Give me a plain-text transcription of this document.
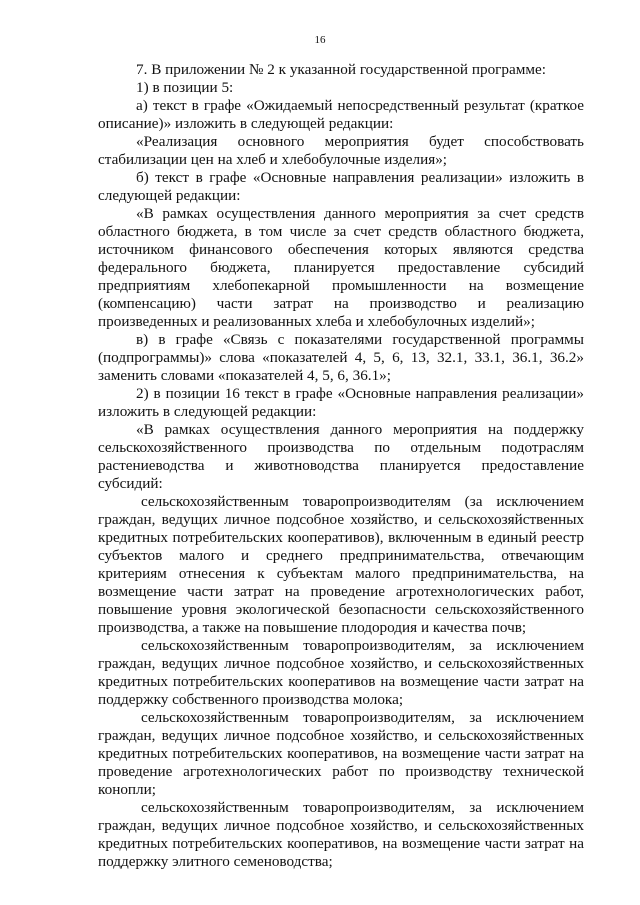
16

7. В приложении № 2 к указанной государственной программе:

1) в позиции 5:

а) текст в графе «Ожидаемый непосредственный результат (краткое описание)» изложить в следующей редакции:

«Реализация основного мероприятия будет способствовать стабилизации цен на хлеб и хлебобулочные изделия»;

б) текст в графе «Основные направления реализации» изложить в следующей редакции:

«В рамках осуществления данного мероприятия за счет средств областного бюджета, в том числе за счет средств областного бюджета, источником финансового обеспечения которых являются средства федерального бюджета, планируется предоставление субсидий предприятиям хлебопекарной промышленности на возмещение (компенсацию) части затрат на производство и реализацию произведенных и реализованных хлеба и хлебобулочных изделий»;

в) в графе «Связь с показателями государственной программы (подпрограммы)» слова «показателей 4, 5, 6, 13, 32.1, 33.1, 36.1, 36.2» заменить словами «показателей 4, 5, 6, 36.1»;

2) в позиции 16 текст в графе «Основные направления реализации» изложить в следующей редакции:

«В рамках осуществления данного мероприятия на поддержку сельскохозяйственного производства по отдельным подотраслям растениеводства и животноводства планируется предоставление субсидий:

сельскохозяйственным товаропроизводителям (за исключением граждан, ведущих личное подсобное хозяйство, и сельскохозяйственных кредитных потребительских кооперативов), включенным в единый реестр субъектов малого и среднего предпринимательства, отвечающим критериям отнесения к субъектам малого предпринимательства, на возмещение части затрат на проведение агротехнологических работ, повышение уровня экологической безопасности сельскохозяйственного производства, а также на повышение плодородия и качества почв;

сельскохозяйственным товаропроизводителям, за исключением граждан, ведущих личное подсобное хозяйство, и сельскохозяйственных кредитных потребительских кооперативов на возмещение части затрат на поддержку собственного производства молока;

сельскохозяйственным товаропроизводителям, за исключением граждан, ведущих личное подсобное хозяйство, и сельскохозяйственных кредитных потребительских кооперативов, на возмещение части затрат на проведение агротехнологических работ по производству технической конопли;

сельскохозяйственным товаропроизводителям, за исключением граждан, ведущих личное подсобное хозяйство, и сельскохозяйственных кредитных потребительских кооперативов, на возмещение части затрат на поддержку элитного семеноводства;
